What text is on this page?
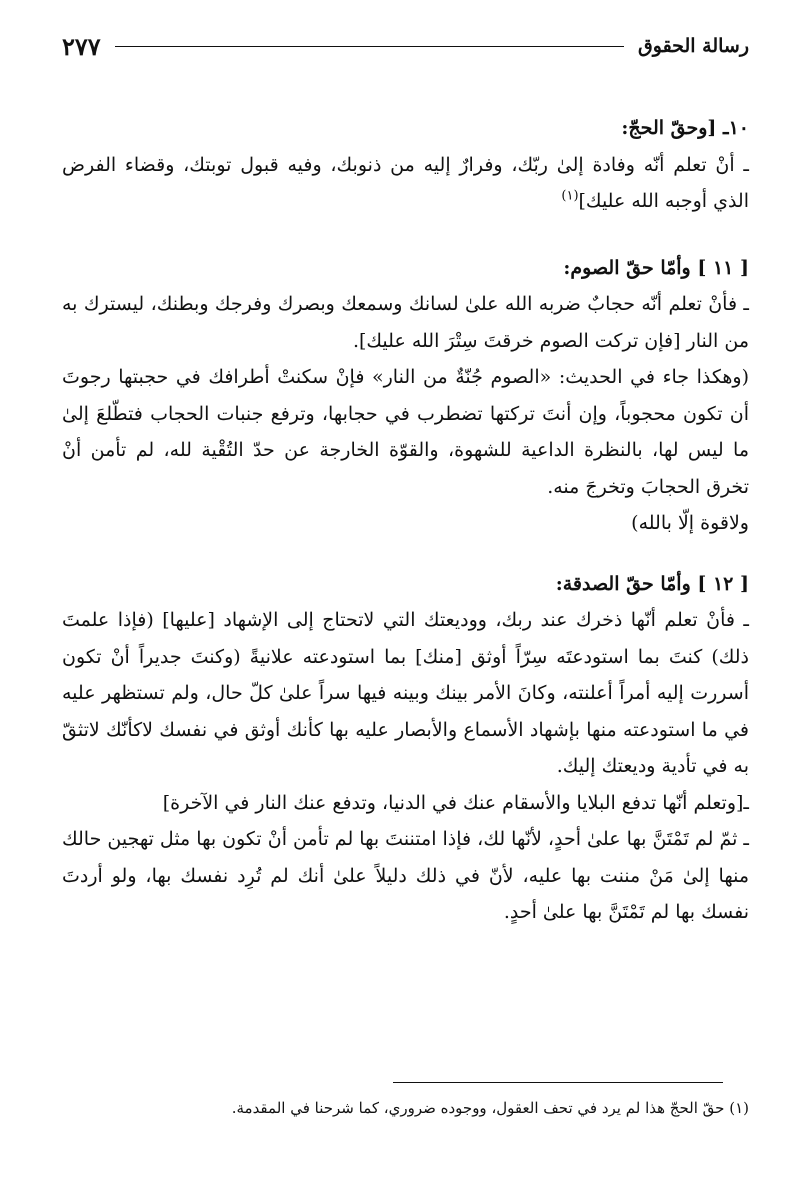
رسالة الحقوق
٢٧٧

١٠ـ [وحقّ الحجّ:

ـ أنْ تعلم أنّه وفادة إلىٰ ربّك، وفرارٌ إليه من ذنوبك، وفيه قبول توبتك، وقضاء الفرض الذي أوجبه الله عليك]$^{(١)}$

[ ١١ ] وأمّا حقّ الصوم:

ـ فأنْ تعلم أنّه حجابٌ ضربه الله علىٰ لسانك وسمعك وبصرك وفرجك وبطنك، ليسترك به من النار [فإن تركت الصوم خرقتَ سِتْرَ الله عليك].

(وهكذا جاء في الحديث: «الصوم جُنّةٌ من النار» فإنْ سكنتْ أطرافك في حجبتها رجوتَ أن تكون محجوباً، وإن أنتَ تركتها تضطرب في حجابها، وترفع جنبات الحجاب فتطّلعَ إلىٰ ما ليس لها، بالنظرة الداعية للشهوة، والقوّة الخارجة عن حدّ التُقْية لله، لم تأمن أنْ تخرق الحجابَ وتخرجَ منه.

ولاقوة إلّا بالله)

[ ١٢ ] وأمّا حقّ الصدقة:

ـ فأنْ تعلم أنّها ذخرك عند ربك، ووديعتك التي لاتحتاج إلى الإشهاد [عليها] (فإذا علمتَ ذلك) كنتَ بما استودعتَه سِرّاً أوثق [منك] بما استودعته علانيةً (وكنتَ جديراً أنْ تكون أسررت إليه أمراً أعلنته، وكانَ الأمر بينك وبينه فيها سراً علىٰ كلّ حال، ولم تستظهر عليه في ما استودعته منها بإشهاد الأسماع والأبصار عليه بها كأنك أوثق في نفسك لاكأنّك لاتثقّ به في تأدية وديعتك إليك.

ـ[وتعلم أنّها تدفع البلايا والأسقام عنك في الدنيا، وتدفع عنك النار في الآخرة]

ـ ثمّ لم تَمْتَنَّ بها علىٰ أحدٍ، لأنّها لك، فإذا امتننتَ بها لم تأمن أنْ تكون بها مثل تهجين حالك منها إلىٰ مَنْ مننت بها عليه، لأنّ في ذلك دليلاً علىٰ أنك لم تُرِد نفسك بها، ولو أردتَ نفسك بها لم تَمْتَنَّ بها علىٰ أحدٍ.

(١) حقّ الحجّ هذا لم يرد في تحف العقول، ووجوده ضروري، كما شرحنا في المقدمة.
